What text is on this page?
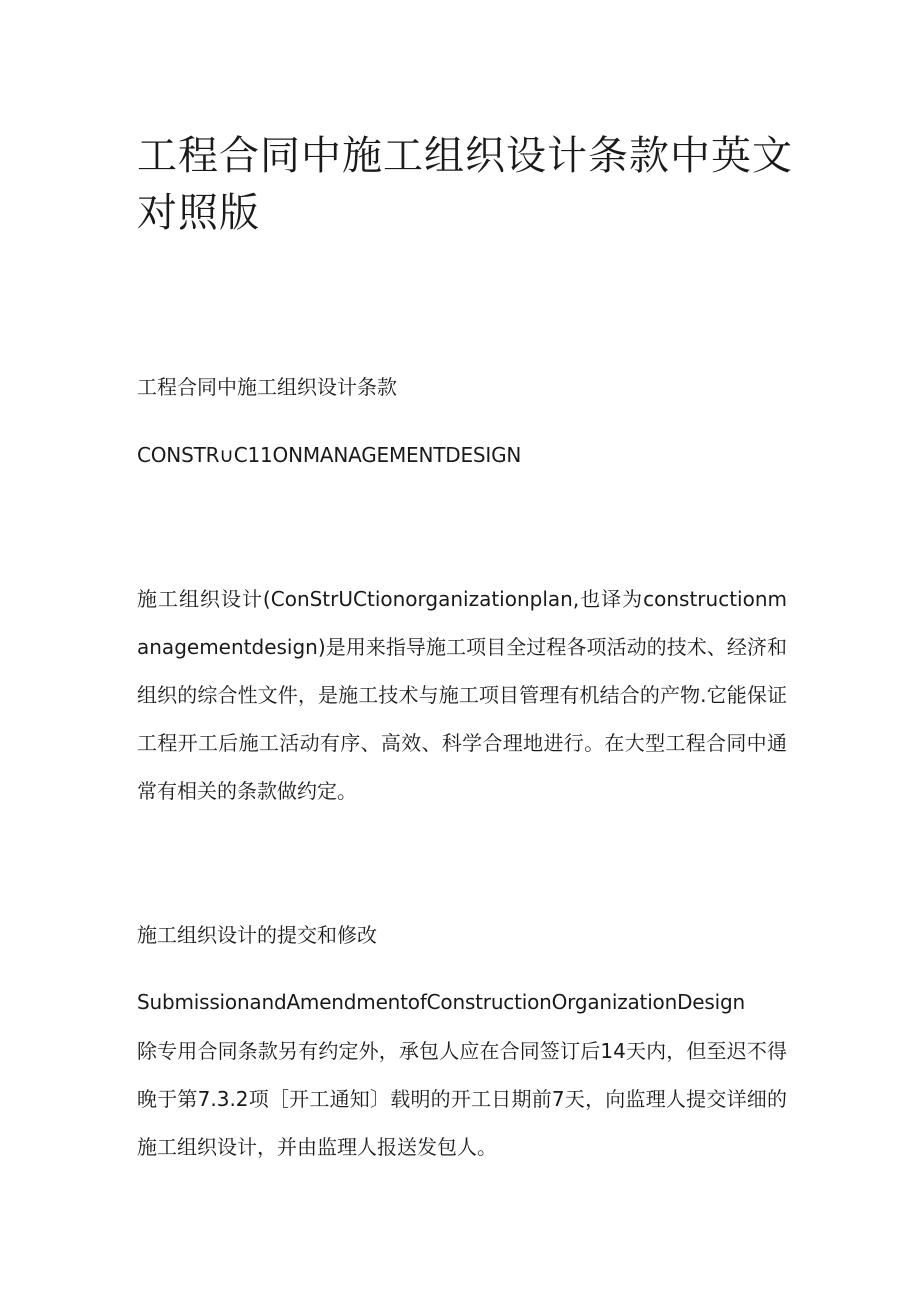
工程合同中施工组织设计条款中英文对照版

工程合同中施工组织设计条款

CONSTR∪C11ONMANAGEMENTDESIGN

施工组织设计(ConStrUCtionorganizationplan,也译为constructionmanagementdesign)是用来指导施工项目全过程各项活动的技术、经济和组织的综合性文件，是施工技术与施工项目管理有机结合的产物.它能保证工程开工后施工活动有序、高效、科学合理地进行。在大型工程合同中通常有相关的条款做约定。

施工组织设计的提交和修改

SubmissionandAmendmentofConstructionOrganizationDesign

除专用合同条款另有约定外，承包人应在合同签订后14天内，但至迟不得晚于第7.3.2项［开工通知〕载明的开工日期前7天，向监理人提交详细的施工组织设计，并由监理人报送发包人。
